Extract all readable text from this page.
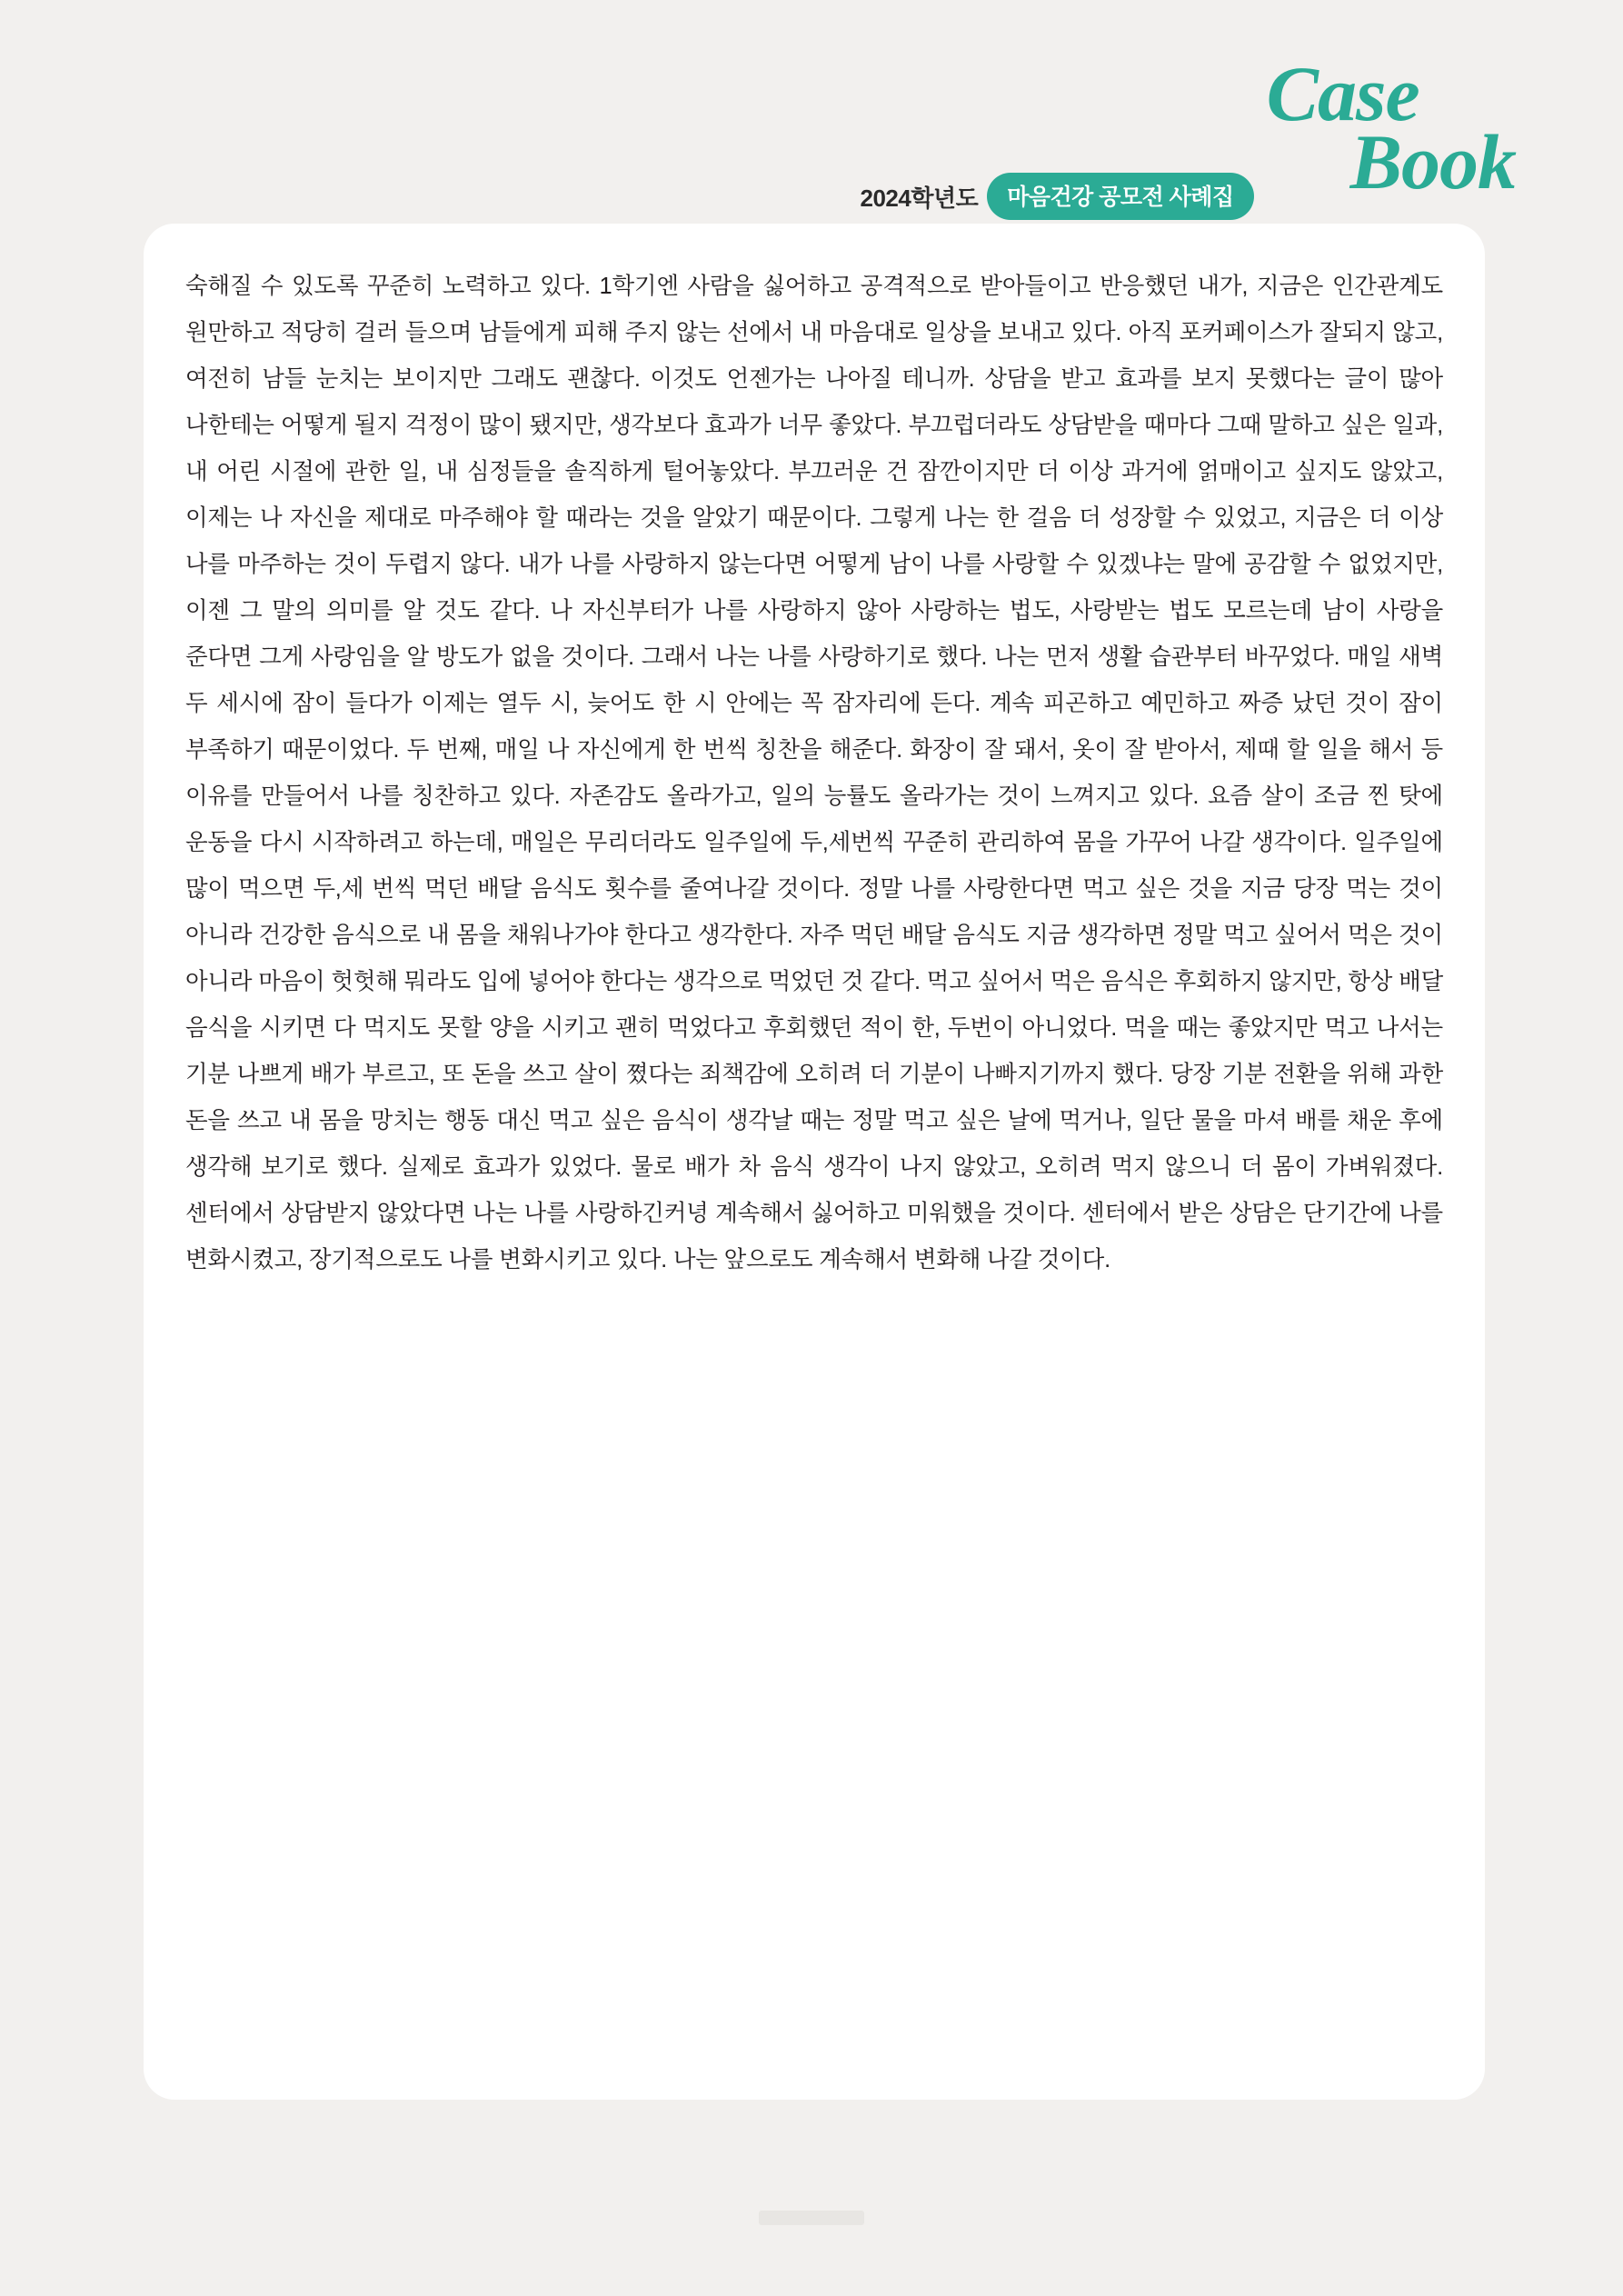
2024학년도	마음건강 공모전 사례집
Case
Book

숙해질 수 있도록 꾸준히 노력하고 있다. 1학기엔 사람을 싫어하고 공격적으로 받아들이고 반응했던 내가, 지금은 인간관계도 원만하고 적당히 걸러 들으며 남들에게 피해 주지 않는 선에서 내 마음대로 일상을 보내고 있다. 아직 포커페이스가 잘되지 않고, 여전히 남들 눈치는 보이지만 그래도 괜찮다. 이것도 언젠가는 나아질 테니까. 상담을 받고 효과를 보지 못했다는 글이 많아 나한테는 어떻게 될지 걱정이 많이 됐지만, 생각보다 효과가 너무 좋았다. 부끄럽더라도 상담받을 때마다 그때 말하고 싶은 일과, 내 어린 시절에 관한 일, 내 심정들을 솔직하게 털어놓았다. 부끄러운 건 잠깐이지만 더 이상 과거에 얽매이고 싶지도 않았고, 이제는 나 자신을 제대로 마주해야 할 때라는 것을 알았기 때문이다. 그렇게 나는 한 걸음 더 성장할 수 있었고, 지금은 더 이상 나를 마주하는 것이 두렵지 않다. 내가 나를 사랑하지 않는다면 어떻게 남이 나를 사랑할 수 있겠냐는 말에 공감할 수 없었지만, 이젠 그 말의 의미를 알 것도 같다. 나 자신부터가 나를 사랑하지 않아 사랑하는 법도, 사랑받는 법도 모르는데 남이 사랑을 준다면 그게 사랑임을 알 방도가 없을 것이다. 그래서 나는 나를 사랑하기로 했다. 나는 먼저 생활 습관부터 바꾸었다. 매일 새벽 두 세시에 잠이 들다가 이제는 열두 시, 늦어도 한 시 안에는 꼭 잠자리에 든다. 계속 피곤하고 예민하고 짜증 났던 것이 잠이 부족하기 때문이었다. 두 번째, 매일 나 자신에게 한 번씩 칭찬을 해준다. 화장이 잘 돼서, 옷이 잘 받아서, 제때 할 일을 해서 등 이유를 만들어서 나를 칭찬하고 있다. 자존감도 올라가고, 일의 능률도 올라가는 것이 느껴지고 있다. 요즘 살이 조금 찐 탓에 운동을 다시 시작하려고 하는데, 매일은 무리더라도 일주일에 두,세번씩 꾸준히 관리하여 몸을 가꾸어 나갈 생각이다. 일주일에 많이 먹으면 두,세 번씩 먹던 배달 음식도 횟수를 줄여나갈 것이다. 정말 나를 사랑한다면 먹고 싶은 것을 지금 당장 먹는 것이 아니라 건강한 음식으로 내 몸을 채워나가야 한다고 생각한다. 자주 먹던 배달 음식도 지금 생각하면 정말 먹고 싶어서 먹은 것이 아니라 마음이 헛헛해 뭐라도 입에 넣어야 한다는 생각으로 먹었던 것 같다. 먹고 싶어서 먹은 음식은 후회하지 않지만, 항상 배달 음식을 시키면 다 먹지도 못할 양을 시키고 괜히 먹었다고 후회했던 적이 한, 두번이 아니었다. 먹을 때는 좋았지만 먹고 나서는 기분 나쁘게 배가 부르고, 또 돈을 쓰고 살이 쪘다는 죄책감에 오히려 더 기분이 나빠지기까지 했다. 당장 기분 전환을 위해 과한 돈을 쓰고 내 몸을 망치는 행동 대신 먹고 싶은 음식이 생각날 때는 정말 먹고 싶은 날에 먹거나, 일단 물을 마셔 배를 채운 후에 생각해 보기로 했다. 실제로 효과가 있었다. 물로 배가 차 음식 생각이 나지 않았고, 오히려 먹지 않으니 더 몸이 가벼워졌다. 센터에서 상담받지 않았다면 나는 나를 사랑하긴커녕 계속해서 싫어하고 미워했을 것이다. 센터에서 받은 상담은 단기간에 나를 변화시켰고, 장기적으로도 나를 변화시키고 있다. 나는 앞으로도 계속해서 변화해 나갈 것이다.
